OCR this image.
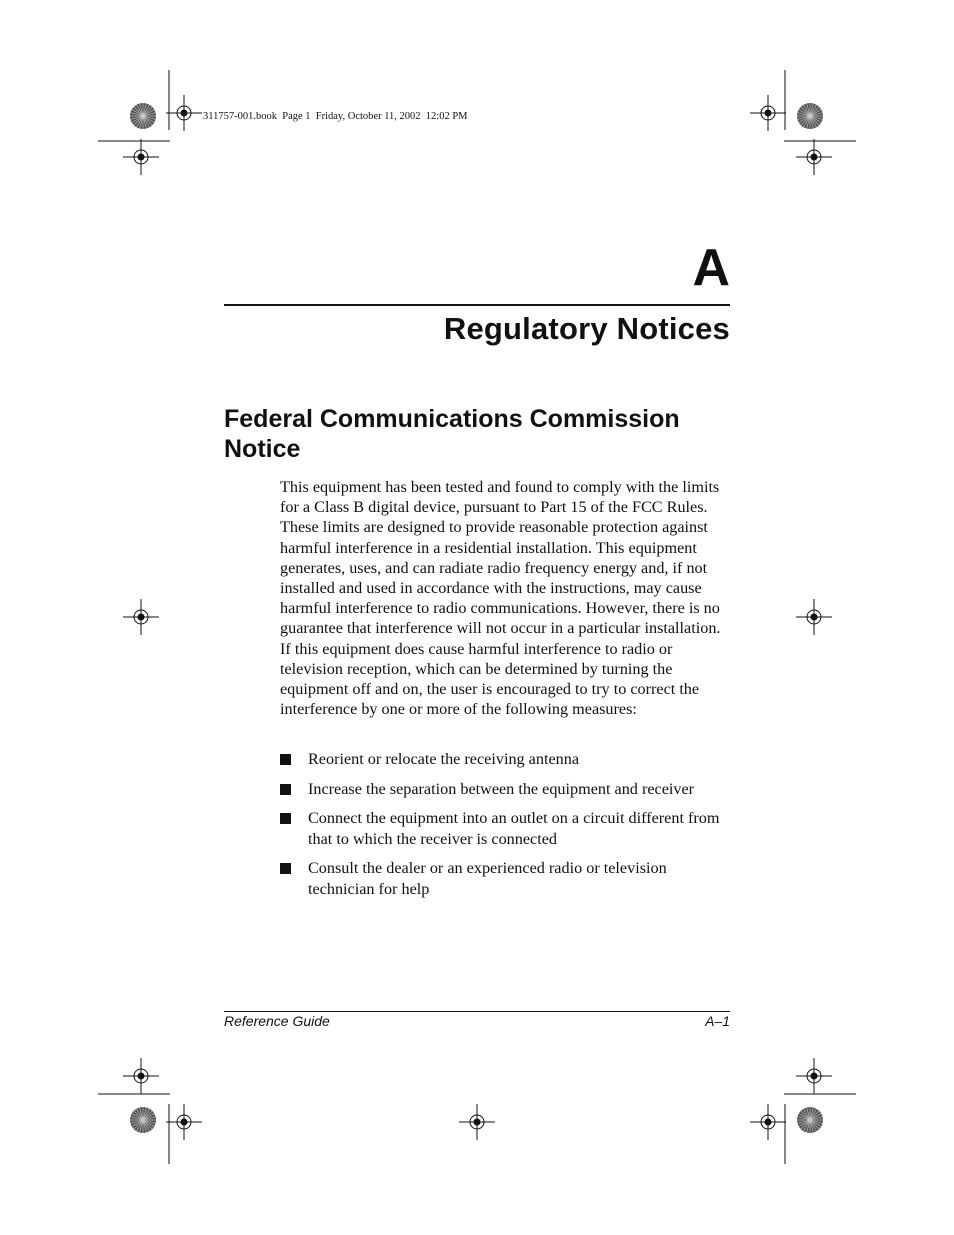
311757-001.book  Page 1  Friday, October 11, 2002  12:02 PM
A
Regulatory Notices
Federal Communications Commission Notice
This equipment has been tested and found to comply with the limits for a Class B digital device, pursuant to Part 15 of the FCC Rules. These limits are designed to provide reasonable protection against harmful interference in a residential installation. This equipment generates, uses, and can radiate radio frequency energy and, if not installed and used in accordance with the instructions, may cause harmful interference to radio communications. However, there is no guarantee that interference will not occur in a particular installation. If this equipment does cause harmful interference to radio or television reception, which can be determined by turning the equipment off and on, the user is encouraged to try to correct the interference by one or more of the following measures:
Reorient or relocate the receiving antenna
Increase the separation between the equipment and receiver
Connect the equipment into an outlet on a circuit different from that to which the receiver is connected
Consult the dealer or an experienced radio or television technician for help
Reference Guide	A–1
